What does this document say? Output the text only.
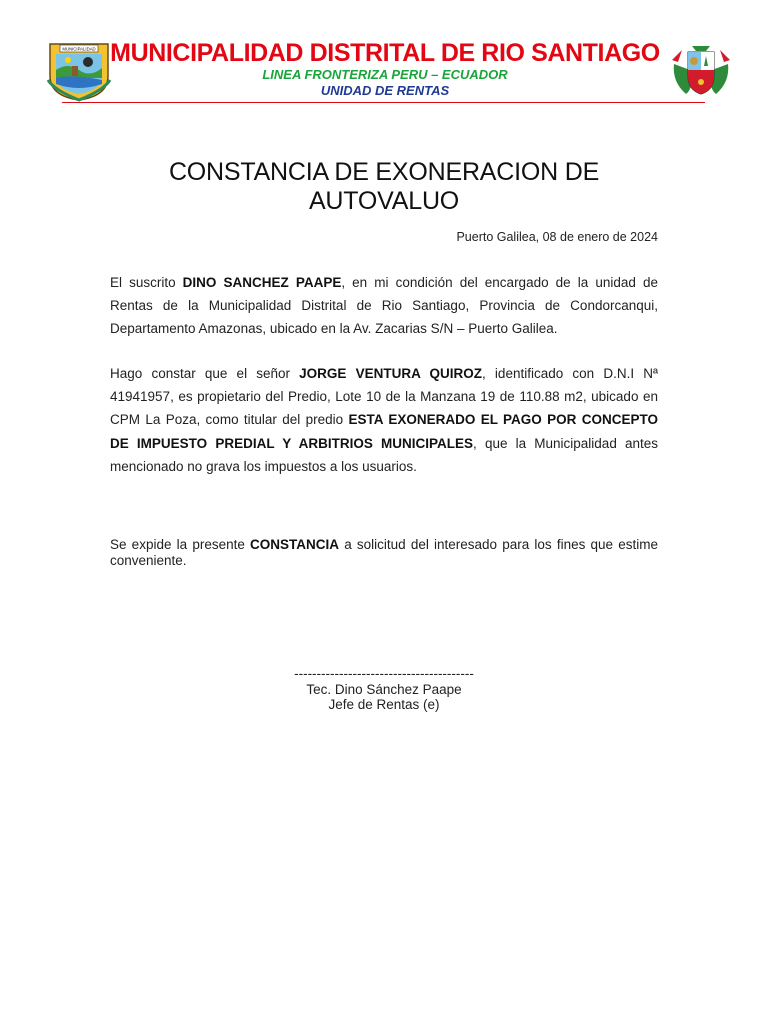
MUNICIPALIDAD MUNICIPALIDAD DISTRITAL DE RIO SANTIAGO
LINEA FRONTERIZA PERU – ECUADOR
UNIDAD DE RENTAS
CONSTANCIA DE EXONERACION DE AUTOVALUO
Puerto Galilea, 08 de enero de 2024
El suscrito DINO SANCHEZ PAAPE, en mi condición del encargado de la unidad de Rentas de la Municipalidad Distrital de Rio Santiago, Provincia de Condorcanqui, Departamento Amazonas, ubicado en la Av. Zacarias S/N – Puerto Galilea.
Hago constar que el señor JORGE VENTURA QUIROZ, identificado con D.N.I Nª 41941957, es propietario del Predio, Lote 10 de la Manzana 19 de 110.88 m2, ubicado en CPM La Poza, como titular del predio ESTA EXONERADO EL PAGO POR CONCEPTO DE IMPUESTO PREDIAL Y ARBITRIOS MUNICIPALES, que la Municipalidad antes mencionado no grava los impuestos a los usuarios.
Se expide la presente CONSTANCIA a solicitud del interesado para los fines que estime conveniente.
----------------------------------------
Tec. Dino Sánchez Paape
Jefe de Rentas (e)
